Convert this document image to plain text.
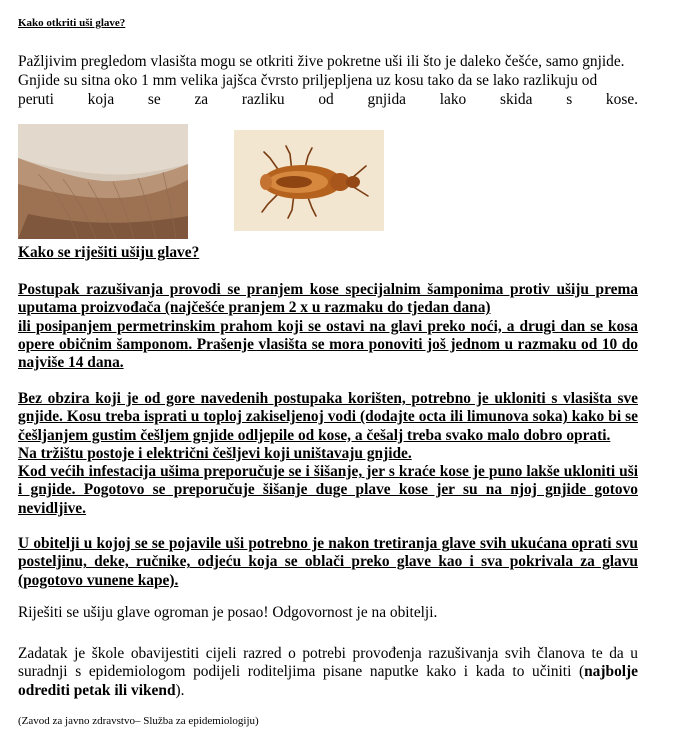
Kako otkriti uši glave?

Pažljivim pregledom vlasišta mogu se otkriti žive pokretne uši ili što je daleko češće, samo gnjide.

Gnjide su sitna oko 1 mm velika jajšca čvrsto priljepljena uz kosu tako da se lako razlikuju od

peruti koja se za razliku od gnjida lako skida s kose.

Kako se riješiti ušiju glave?

Postupak razušivanja provodi se pranjem kose specijalnim šamponima protiv ušiju prema uputama proizvođača (najčešće pranjem 2 x u razmaku do tjedan dana)

ili posipanjem permetrinskim prahom koji se ostavi na glavi preko noći, a drugi dan se kosa opere običnim šamponom. Prašenje vlasišta se mora ponoviti još jednom u razmaku od 10 do najviše 14 dana.

Bez obzira koji je od gore navedenih postupaka korišten, potrebno je ukloniti s vlasišta sve gnjide. Kosu treba isprati u toploj zakiseljenoj vodi (dodajte octa ili limunova soka) kako bi se češljanjem gustim češljem gnjide odljepile od kose, a češalj treba svako malo dobro oprati.

Na tržištu postoje i električni češljevi koji uništavaju gnjide.

Kod većih infestacija ušima preporučuje se i šišanje, jer s kraće kose je puno lakše ukloniti uši i gnjide. Pogotovo se preporučuje šišanje duge plave kose jer su na njoj gnjide gotovo nevidljive.

U obitelji u kojoj se se pojavile uši potrebno je nakon tretiranja glave svih ukućana oprati svu posteljinu, deke, ručnike, odjeću koja se oblači preko glave kao i sva pokrivala za glavu (pogotovo vunene kape).

Riješiti se ušiju glave ogroman je posao! Odgovornost je na obitelji.

Zadatak je škole obavijestiti cijeli razred o potrebi provođenja razušivanja svih članova te da u suradnji s epidemiologom podijeli roditeljima pisane naputke kako i kada to učiniti (najbolje odrediti petak ili vikend).

(Zavod za javno zdravstvo– Služba za epidemiologiju)
